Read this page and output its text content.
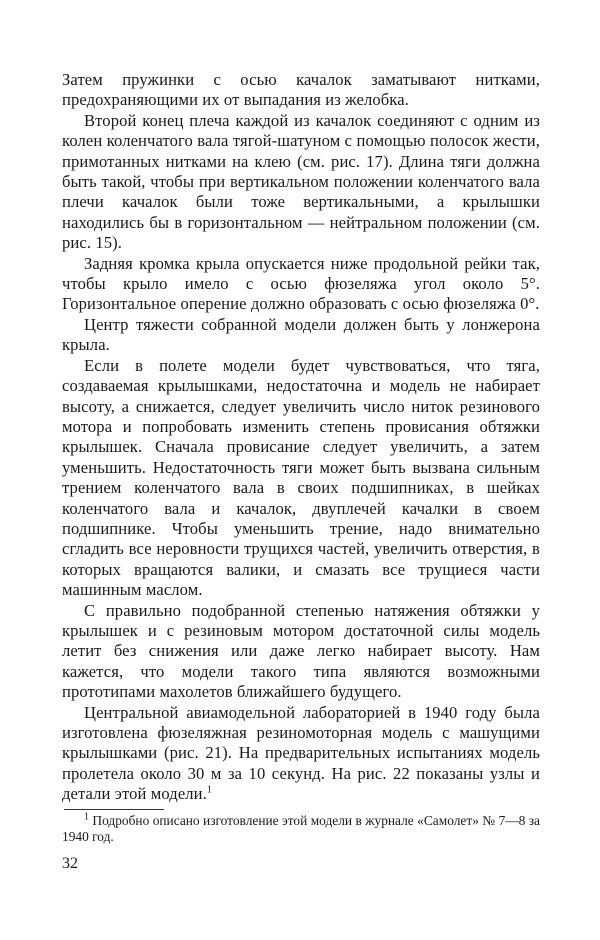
Затем пружинки с осью качалок заматывают нитками, предохраняющими их от выпадания из желобка.

Второй конец плеча каждой из качалок соединяют с одним из колен коленчатого вала тягой-шатуном с помощью полосок жести, примотанных нитками на клею (см. рис. 17). Длина тяги должна быть такой, чтобы при вертикальном положении коленчатого вала плечи качалок были тоже вертикальными, а крылышки находились бы в горизонтальном — нейтральном положении (см. рис. 15).

Задняя кромка крыла опускается ниже продольной рейки так, чтобы крыло имело с осью фюзеляжа угол около 5°. Горизонтальное оперение должно образовать с осью фюзеляжа 0°.

Центр тяжести собранной модели должен быть у лонжерона крыла.

Если в полете модели будет чувствоваться, что тяга, создаваемая крылышками, недостаточна и модель не набирает высоту, а снижается, следует увеличить число ниток резинового мотора и попробовать изменить степень провисания обтяжки крылышек. Сначала провисание следует увеличить, а затем уменьшить. Недостаточность тяги может быть вызвана сильным трением коленчатого вала в своих подшипниках, в шейках коленчатого вала и качалок, двуплечей качалки в своем подшипнике. Чтобы уменьшить трение, надо внимательно сгладить все неровности трущихся частей, увеличить отверстия, в которых вращаются валики, и смазать все трущиеся части машинным маслом.

С правильно подобранной степенью натяжения обтяжки у крылышек и с резиновым мотором достаточной силы модель летит без снижения или даже легко набирает высоту. Нам кажется, что модели такого типа являются возможными прототипами махолетов ближайшего будущего.

Центральной авиамодельной лабораторией в 1940 году была изготовлена фюзеляжная резиномоторная модель с машущими крылышками (рис. 21). На предварительных испытаниях модель пролетела около 30 м за 10 секунд. На рис. 22 показаны узлы и детали этой модели.$^1$

$^1$ Подробно описано изготовление этой модели в журнале «Самолет» № 7—8 за 1940 год.

32
